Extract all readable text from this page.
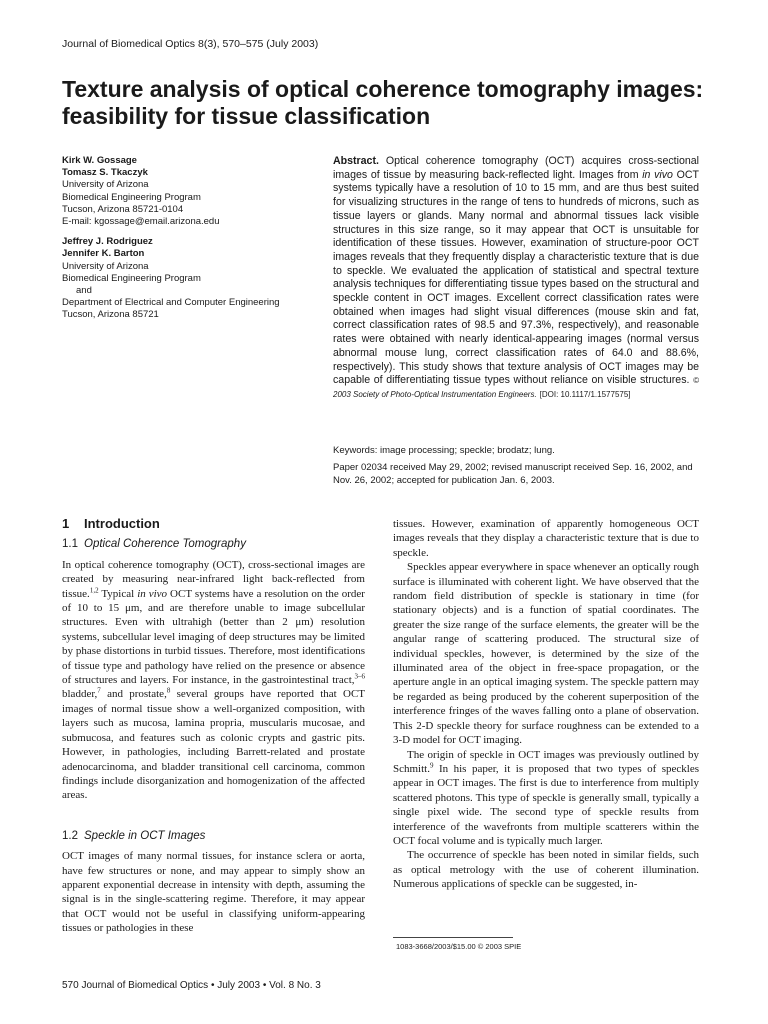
Journal of Biomedical Optics 8(3), 570–575 (July 2003)
Texture analysis of optical coherence tomography images: feasibility for tissue classification
Kirk W. Gossage
Tomasz S. Tkaczyk
University of Arizona
Biomedical Engineering Program
Tucson, Arizona 85721-0104
E-mail: kgossage@email.arizona.edu
Jeffrey J. Rodriguez
Jennifer K. Barton
University of Arizona
Biomedical Engineering Program
and
Department of Electrical and Computer Engineering
Tucson, Arizona 85721
Abstract. Optical coherence tomography (OCT) acquires cross-sectional images of tissue by measuring back-reflected light. Images from in vivo OCT systems typically have a resolution of 10 to 15 mm, and are thus best suited for visualizing structures in the range of tens to hundreds of microns, such as tissue layers or glands. Many normal and abnormal tissues lack visible structures in this size range, so it may appear that OCT is unsuitable for identification of these tissues. However, examination of structure-poor OCT images reveals that they frequently display a characteristic texture that is due to speckle. We evaluated the application of statistical and spectral texture analysis techniques for differentiating tissue types based on the structural and speckle content in OCT images. Excellent correct classification rates were obtained when images had slight visual differences (mouse skin and fat, correct classification rates of 98.5 and 97.3%, respectively), and reasonable rates were obtained with nearly identical-appearing images (normal versus abnormal mouse lung, correct classification rates of 64.0 and 88.6%, respectively). This study shows that texture analysis of OCT images may be capable of differentiating tissue types without reliance on visible structures. © 2003 Society of Photo-Optical Instrumentation Engineers. [DOI: 10.1117/1.1577575]
Keywords: image processing; speckle; brodatz; lung.
Paper 02034 received May 29, 2002; revised manuscript received Sep. 16, 2002, and Nov. 26, 2002; accepted for publication Jan. 6, 2003.
1 Introduction
1.1 Optical Coherence Tomography

In optical coherence tomography (OCT), cross-sectional images are created by measuring near-infrared light back-reflected from tissue.$^{1,2}$ Typical in vivo OCT systems have a resolution on the order of 10 to 15 μm, and are therefore unable to image subcellular structures. Even with ultrahigh (better than 2 μm) resolution systems, subcellular level imaging of deep structures may be limited by phase distortions in turbid tissues. Therefore, most identifications of tissue type and pathology have relied on the presence or absence of structures and layers. For instance, in the gastrointestinal tract,$^{3-6}$ bladder,$^7$ and prostate,$^8$ several groups have reported that OCT images of normal tissue show a well-organized composition, with layers such as mucosa, lamina propria, muscularis mucosae, and submucosa, and features such as colonic crypts and gastric pits. However, in pathologies, including Barrett-related and prostate adenocarcinoma, and bladder transitional cell carcinoma, common findings include disorganization and homogenization of the affected areas.

1.2 Speckle in OCT Images

OCT images of many normal tissues, for instance sclera or aorta, have few structures or none, and may appear to simply show an apparent exponential decrease in intensity with depth, assuming the signal is in the single-scattering regime. Therefore, it may appear that OCT would not be useful in classifying uniform-appearing tissues or pathologies in these

tissues. However, examination of apparently homogeneous OCT images reveals that they display a characteristic texture that is due to speckle.

Speckles appear everywhere in space whenever an optically rough surface is illuminated with coherent light. We have observed that the random field distribution of speckle is stationary in time (for stationary objects) and is a function of spatial coordinates. The greater the size range of the surface elements, the greater will be the angular range of scattering produced. The structural size of individual speckles, however, is determined by the size of the illuminated area of the object in free-space propagation, or the aperture angle in an optical imaging system. The speckle pattern may be regarded as being produced by the coherent superposition of the interference fringes of the waves falling onto a plane of observation. This 2-D speckle theory for surface roughness can be extended to a 3-D model for OCT imaging.

The origin of speckle in OCT images was previously outlined by Schmitt.$^9$ In his paper, it is proposed that two types of speckles appear in OCT images. The first is due to interference from multiply scattered photons. This type of speckle is generally small, typically a single pixel wide. The second type of speckle results from interference of the wavefronts from multiple scatterers within the OCT focal volume and is typically much larger.

The occurrence of speckle has been noted in similar fields, such as optical metrology with the use of coherent illumination. Numerous applications of speckle can be suggested, in-

1083-3668/2003/$15.00 © 2003 SPIE
570 Journal of Biomedical Optics • July 2003 • Vol. 8 No. 3
